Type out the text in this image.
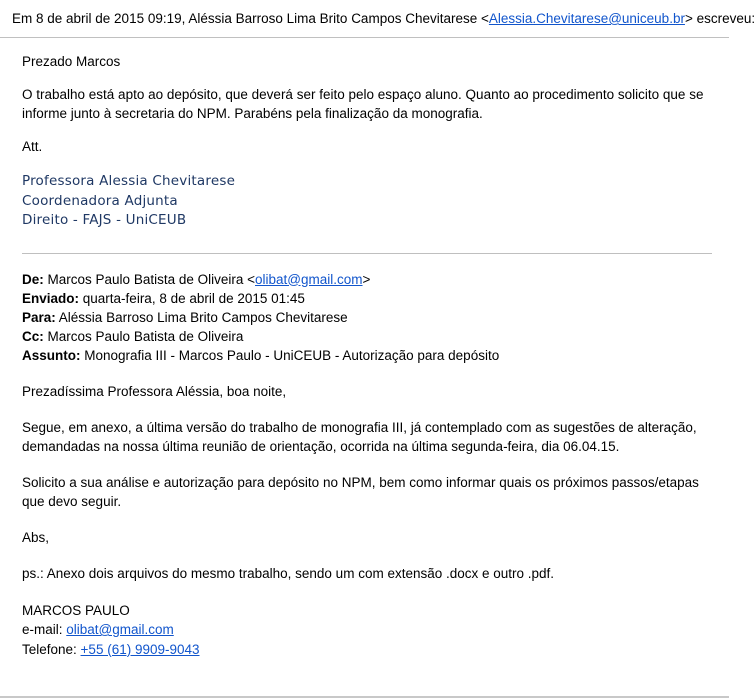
Em 8 de abril de 2015 09:19, Aléssia Barroso Lima Brito Campos Chevitarese <Alessia.Chevitarese@uniceub.br> escreveu:
Prezado Marcos
O trabalho está apto ao depósito, que deverá ser feito pelo espaço aluno. Quanto ao procedimento solicito que se informe junto à secretaria do NPM. Parabéns pela finalização da monografia.
Att.
Professora Alessia Chevitarese
Coordenadora Adjunta
Direito - FAJS - UniCEUB
De: Marcos Paulo Batista de Oliveira <olibat@gmail.com>
Enviado: quarta-feira, 8 de abril de 2015 01:45
Para: Aléssia Barroso Lima Brito Campos Chevitarese
Cc: Marcos Paulo Batista de Oliveira
Assunto: Monografia III - Marcos Paulo - UniCEUB - Autorização para depósito
Prezadíssima Professora Aléssia, boa noite,
Segue, em anexo, a última versão do trabalho de monografia III, já contemplado com as sugestões de alteração, demandadas na nossa última reunião de orientação, ocorrida na última segunda-feira, dia 06.04.15.
Solicito a sua análise e autorização para depósito no NPM, bem como informar quais os próximos passos/etapas que devo seguir.
Abs,
ps.: Anexo dois arquivos do mesmo trabalho, sendo um com extensão .docx e outro .pdf.
MARCOS PAULO
e-mail: olibat@gmail.com
Telefone: +55 (61) 9909-9043
